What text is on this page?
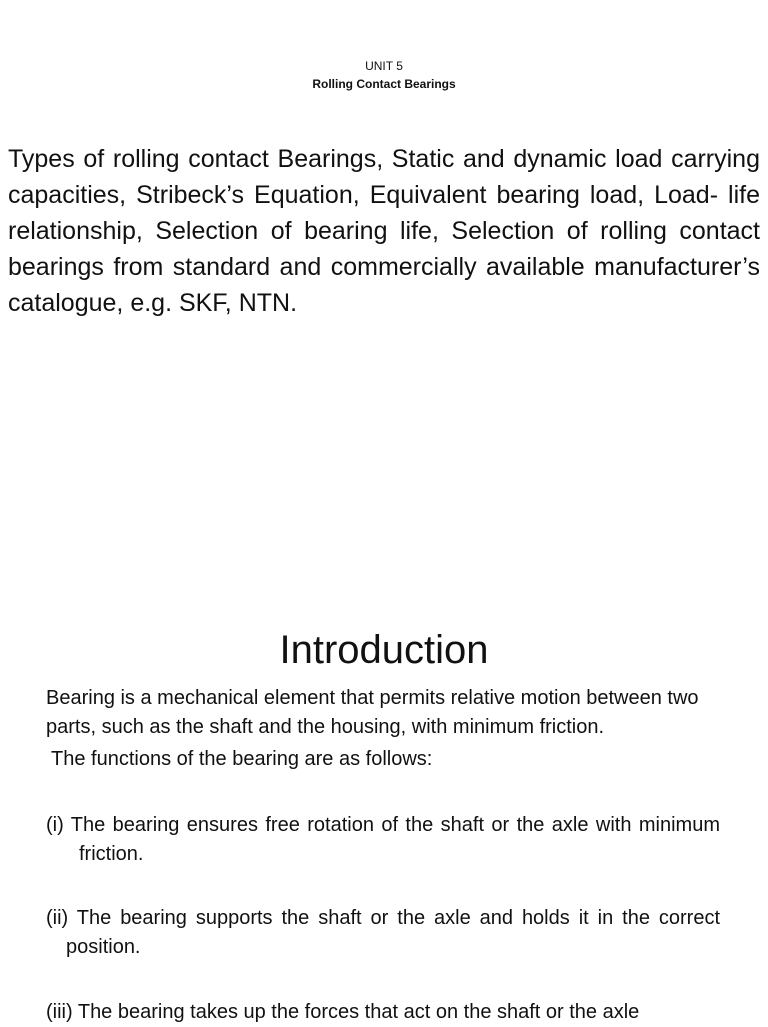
UNIT 5
Rolling Contact Bearings

Types of rolling contact Bearings, Static and dynamic load carrying capacities, Stribeck’s Equation, Equivalent bearing load, Load- life relationship, Selection of bearing life, Selection of rolling contact bearings from standard and commercially available manufacturer’s catalogue, e.g. SKF, NTN.

Introduction

Bearing is a mechanical element that permits relative motion between two parts, such as the shaft and the housing, with minimum friction.

The functions of the bearing are as follows:

(i) The bearing ensures free rotation of the shaft or the axle with minimum friction.

(ii) The bearing supports the shaft or the axle and holds it in the correct position.

(iii) The bearing takes up the forces that act on the shaft or the axle
